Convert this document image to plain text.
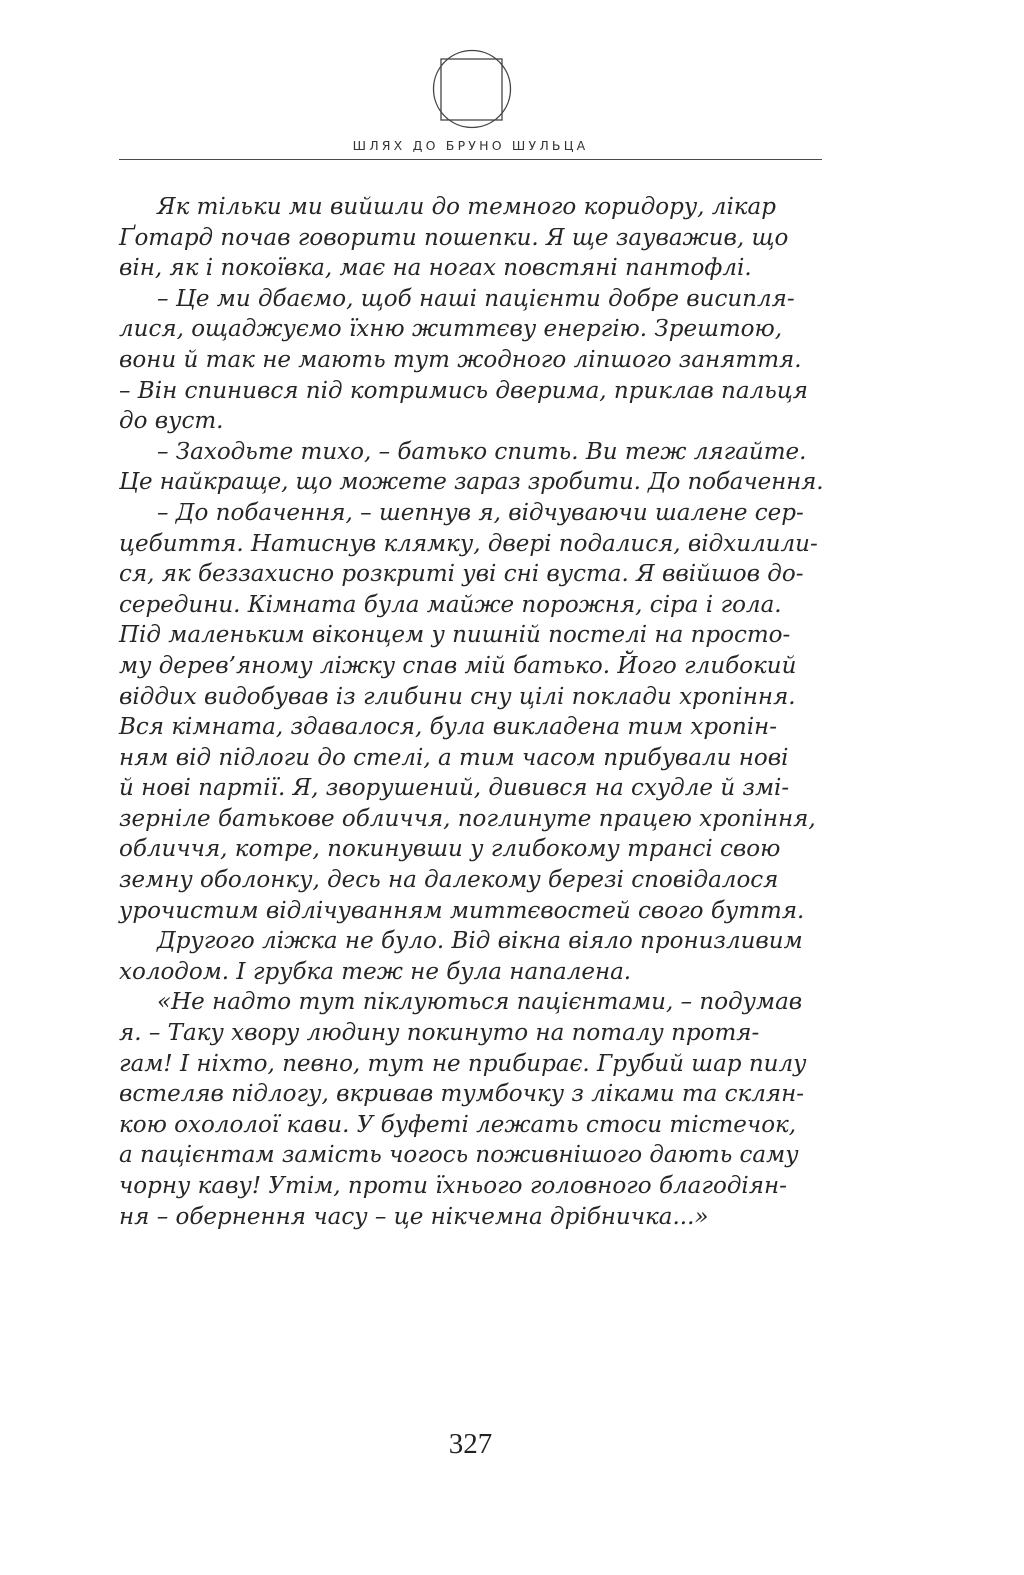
ШЛЯХ ДО БРУНО ШУЛЬЦА
Як тільки ми вийшли до темного коридору, лікар
Ґотард почав говорити пошепки. Я ще зауважив, що
він, як і покоївка, має на ногах повстяні пантофлі.
– Це ми дбаємо, щоб наші пацієнти добре висипля-
лися, ощаджуємо їхню життєву енергію. Зрештою,
вони й так не мають тут жодного ліпшого заняття.
– Він спинився під котримись дверима, приклав пальця
до вуст.
– Заходьте тихо, – батько спить. Ви теж лягайте.
Це найкраще, що можете зараз зробити. До побачення.
– До побачення, – шепнув я, відчуваючи шалене сер-
цебиття. Натиснув клямку, двері подалися, відхилили-
ся, як беззахисно розкриті уві сні вуста. Я ввійшов до-
середини. Кімната була майже порожня, сіра і гола.
Під маленьким віконцем у пишній постелі на просто-
му дерев’яному ліжку спав мій батько. Його глибокий
віддих видобував із глибини сну цілі поклади хропіння.
Вся кімната, здавалося, була викладена тим хропін-
ням від підлоги до стелі, а тим часом прибували нові
й нові партії. Я, зворушений, дивився на схудле й змі-
зерніле батькове обличчя, поглинуте працею хропіння,
обличчя, котре, покинувши у глибокому трансі свою
земну оболонку, десь на далекому березі сповідалося
урочистим відлічуванням миттєвостей свого буття.
Другого ліжка не було. Від вікна віяло пронизливим
холодом. І грубка теж не була напалена.
«Не надто тут піклуються пацієнтами, – подумав
я. – Таку хвору людину покинуто на поталу протя-
гам! І ніхто, певно, тут не прибирає. Грубий шар пилу
встеляв підлогу, вкривав тумбочку з ліками та склян-
кою охололої кави. У буфеті лежать стоси тістечок,
а пацієнтам замість чогось поживнішого дають саму
чорну каву! Утім, проти їхнього головного благодіян-
ня – обернення часу – це нікчемна дрібничка...»
327
